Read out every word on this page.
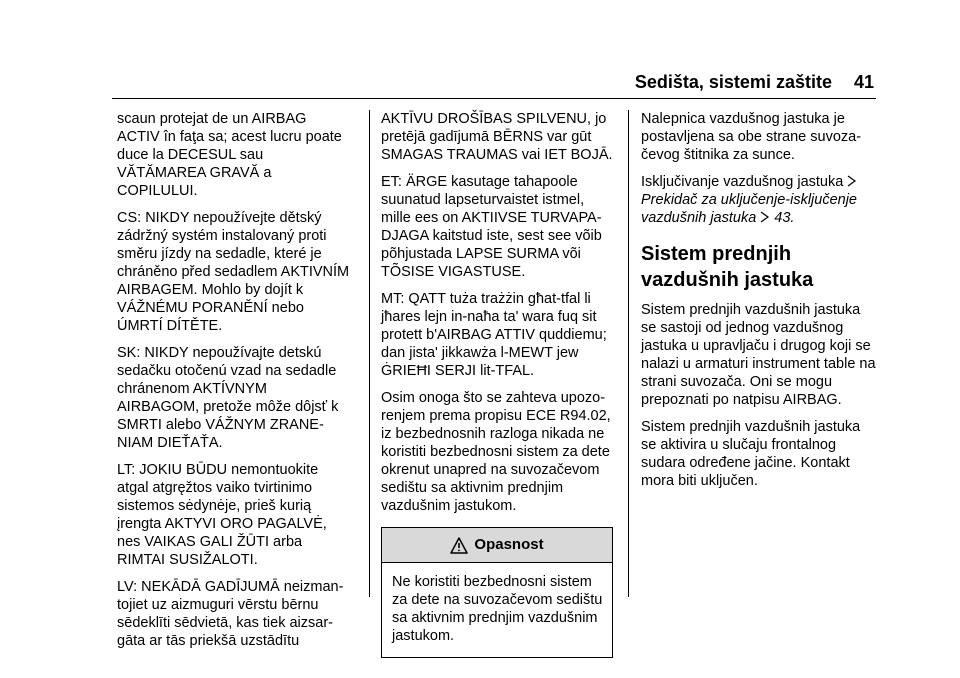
Sedišta, sistemi zaštite 41
scaun protejat de un AIRBAG
ACTIV în faţa sa; acest lucru poate
duce la DECESUL sau
VĂTĂMAREA GRAVĂ a
COPILULUI.
CS: NIKDY nepoužívejte dětský
zádržný systém instalovaný proti
směru jízdy na sedadle, které je
chráněno před sedadlem AKTIVNÍM
AIRBAGEM. Mohlo by dojít k
VÁŽNÉMU PORANĚNÍ nebo
ÚMRTÍ DÍTĚTE.
SK: NIKDY nepoužívajte detskú
sedačku otočenú vzad na sedadle
chránenom AKTÍVNYM
AIRBAGOM, pretože môže dôjsť k
SMRTI alebo VÁŽNYM ZRANE-
NIAM DIEŤAŤA.
LT: JOKIU BŪDU nemontuokite
atgal atgręžtos vaiko tvirtinimo
sistemos sėdynėje, prieš kurią
įrengta AKTYVI ORO PAGALVĖ,
nes VAIKAS GALI ŽŪTI arba
RIMTAI SUSIŽALOTI.
LV: NEKĀDĀ GADĪJUMĀ neizman-
tojiet uz aizmuguri vērstu bērnu
sēdeklīti sēdvietā, kas tiek aizsar-
gāta ar tās priekšā uzstādītu
AKTĪVU DROŠĪBAS SPILVENU, jo
pretējā gadījumā BĒRNS var gūt
SMAGAS TRAUMAS vai IET BOJĀ.
ET: ÄRGE kasutage tahapoole
suunatud lapseturvaistet istmel,
mille ees on AKTIIVSE TURVAPA-
DJAGA kaitstud iste, sest see võib
põhjustada LAPSE SURMA või
TÕSISE VIGASTUSE.
MT: QATT tuża trażżin għat-tfal li
jħares lejn in-naħa ta' wara fuq sit
protett b'AIRBAG ATTIV quddiemu;
dan jista' jikkawża l-MEWT jew
ĠRIEĦI SERJI lit-TFAL.
Osim onoga što se zahteva upozo-
renjem prema propisu ECE R94.02,
iz bezbednosnih razloga nikada ne
koristiti bezbednosni sistem za dete
okrenut unapred na suvozačevom
sedištu sa aktivnim prednjim
vazdušnim jastukom.
Opasnost
Ne koristiti bezbednosni sistem
za dete na suvozačevom sedištu
sa aktivnim prednjim vazdušnim
jastukom.
Nalepnica vazdušnog jastuka je
postavljena sa obe strane suvoza-
čevog štitnika za sunce.
Isključivanje vazdušnog jastuka
Prekidač za uključenje-isključenje
vazdušnih jastuka 43.
Sistem prednjih
vazdušnih jastuka
Sistem prednjih vazdušnih jastuka
se sastoji od jednog vazdušnog
jastuka u upravljaču i drugog koji se
nalazi u armaturi instrument table na
strani suvozača. Oni se mogu
prepoznati po natpisu AIRBAG.
Sistem prednjih vazdušnih jastuka
se aktivira u slučaju frontalnog
sudara određene jačine. Kontakt
mora biti uključen.
